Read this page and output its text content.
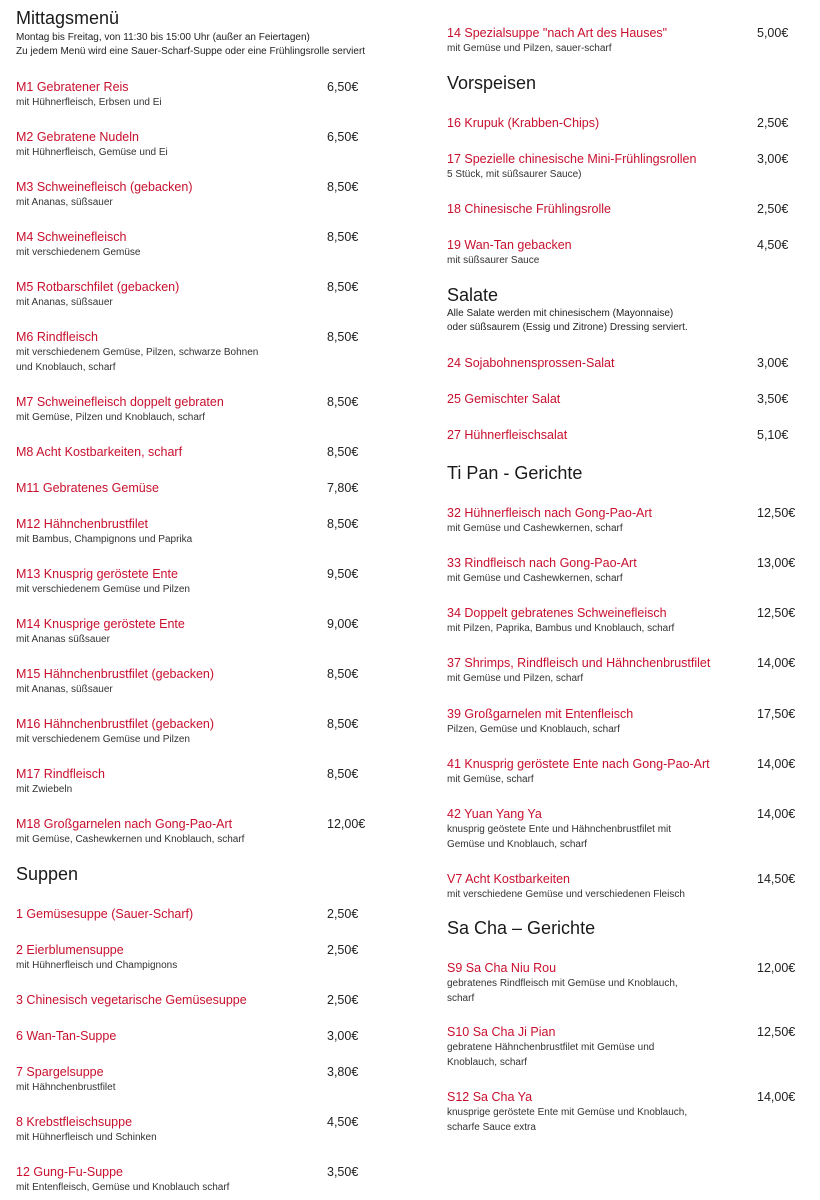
Mittagsmenü
Montag bis Freitag, von 11:30 bis 15:00 Uhr (außer an Feiertagen)
Zu jedem Menü wird eine Sauer-Scharf-Suppe oder eine Frühlingsrolle serviert
M1 Gebratener Reis	6,50€
mit Hühnerfleisch, Erbsen und Ei
M2 Gebratene Nudeln	6,50€
mit Hühnerfleisch, Gemüse und Ei
M3 Schweinefleisch (gebacken)	8,50€
mit Ananas, süßsauer
M4 Schweinefleisch	8,50€
mit verschiedenem Gemüse
M5 Rotbarschfilet (gebacken)	8,50€
mit Ananas, süßsauer
M6 Rindfleisch	8,50€
mit verschiedenem Gemüse, Pilzen, schwarze Bohnen
und Knoblauch, scharf
M7 Schweinefleisch doppelt gebraten	8,50€
mit Gemüse, Pilzen und Knoblauch, scharf
M8 Acht Kostbarkeiten, scharf	8,50€
M11 Gebratenes Gemüse	7,80€
M12 Hähnchenbrustfilet	8,50€
mit Bambus, Champignons und Paprika
M13 Knusprig geröstete Ente	9,50€
mit verschiedenem Gemüse und Pilzen
M14 Knusprige geröstete Ente	9,00€
mit Ananas süßsauer
M15 Hähnchenbrustfilet (gebacken)	8,50€
mit Ananas, süßsauer
M16 Hähnchenbrustfilet (gebacken)	8,50€
mit verschiedenem Gemüse und Pilzen
M17 Rindfleisch	8,50€
mit Zwiebeln
M18 Großgarnelen nach Gong-Pao-Art	12,00€
mit Gemüse, Cashewkernen und Knoblauch, scharf
Suppen
1 Gemüsesuppe (Sauer-Scharf)	2,50€
2 Eierblumensuppe	2,50€
mit Hühnerfleisch und Champignons
3 Chinesisch vegetarische Gemüsesuppe	2,50€
6 Wan-Tan-Suppe	3,00€
7 Spargelsuppe	3,80€
mit Hähnchenbrustfilet
8 Krebstfleischsuppe	4,50€
mit Hühnerfleisch und Schinken
12 Gung-Fu-Suppe	3,50€
mit Entenfleisch, Gemüse und Knoblauch scharf
14 Spezialsuppe "nach Art des Hauses"	5,00€
mit Gemüse und Pilzen, sauer-scharf
Vorspeisen
16 Krupuk (Krabben-Chips)	2,50€
17 Spezielle chinesische Mini-Frühlingsrollen	3,00€
5 Stück, mit süßsaurer Sauce)
18 Chinesische Frühlingsrolle	2,50€
19 Wan-Tan gebacken	4,50€
mit süßsaurer Sauce
Salate
Alle Salate werden mit chinesischem (Mayonnaise)
oder süßsaurem (Essig und Zitrone) Dressing serviert.
24 Sojabohnensprossen-Salat	3,00€
25 Gemischter Salat	3,50€
27 Hühnerfleischsalat	5,10€
Ti Pan - Gerichte
32 Hühnerfleisch nach Gong-Pao-Art	12,50€
mit Gemüse und Cashewkernen, scharf
33 Rindfleisch nach Gong-Pao-Art	13,00€
mit Gemüse und Cashewkernen, scharf
34 Doppelt gebratenes Schweinefleisch	12,50€
mit Pilzen, Paprika, Bambus und Knoblauch, scharf
37 Shrimps, Rindfleisch und Hähnchenbrustfilet	14,00€
mit Gemüse und Pilzen, scharf
39 Großgarnelen mit Entenfleisch	17,50€
Pilzen, Gemüse und Knoblauch, scharf
41 Knusprig geröstete Ente nach Gong-Pao-Art	14,00€
mit Gemüse, scharf
42 Yuan Yang Ya	14,00€
knusprig geöstete Ente und Hähnchenbrustfilet mit
Gemüse und Knoblauch, scharf
V7 Acht Kostbarkeiten	14,50€
mit verschiedene Gemüse und verschiedenen Fleisch
Sa Cha – Gerichte
S9 Sa Cha Niu Rou	12,00€
gebratenes Rindfleisch mit Gemüse und Knoblauch,
scharf
S10 Sa Cha Ji Pian	12,50€
gebratene Hähnchenbrustfilet mit Gemüse und
Knoblauch, scharf
S12 Sa Cha Ya	14,00€
knusprige geröstete Ente mit Gemüse und Knoblauch,
scharfe Sauce extra
